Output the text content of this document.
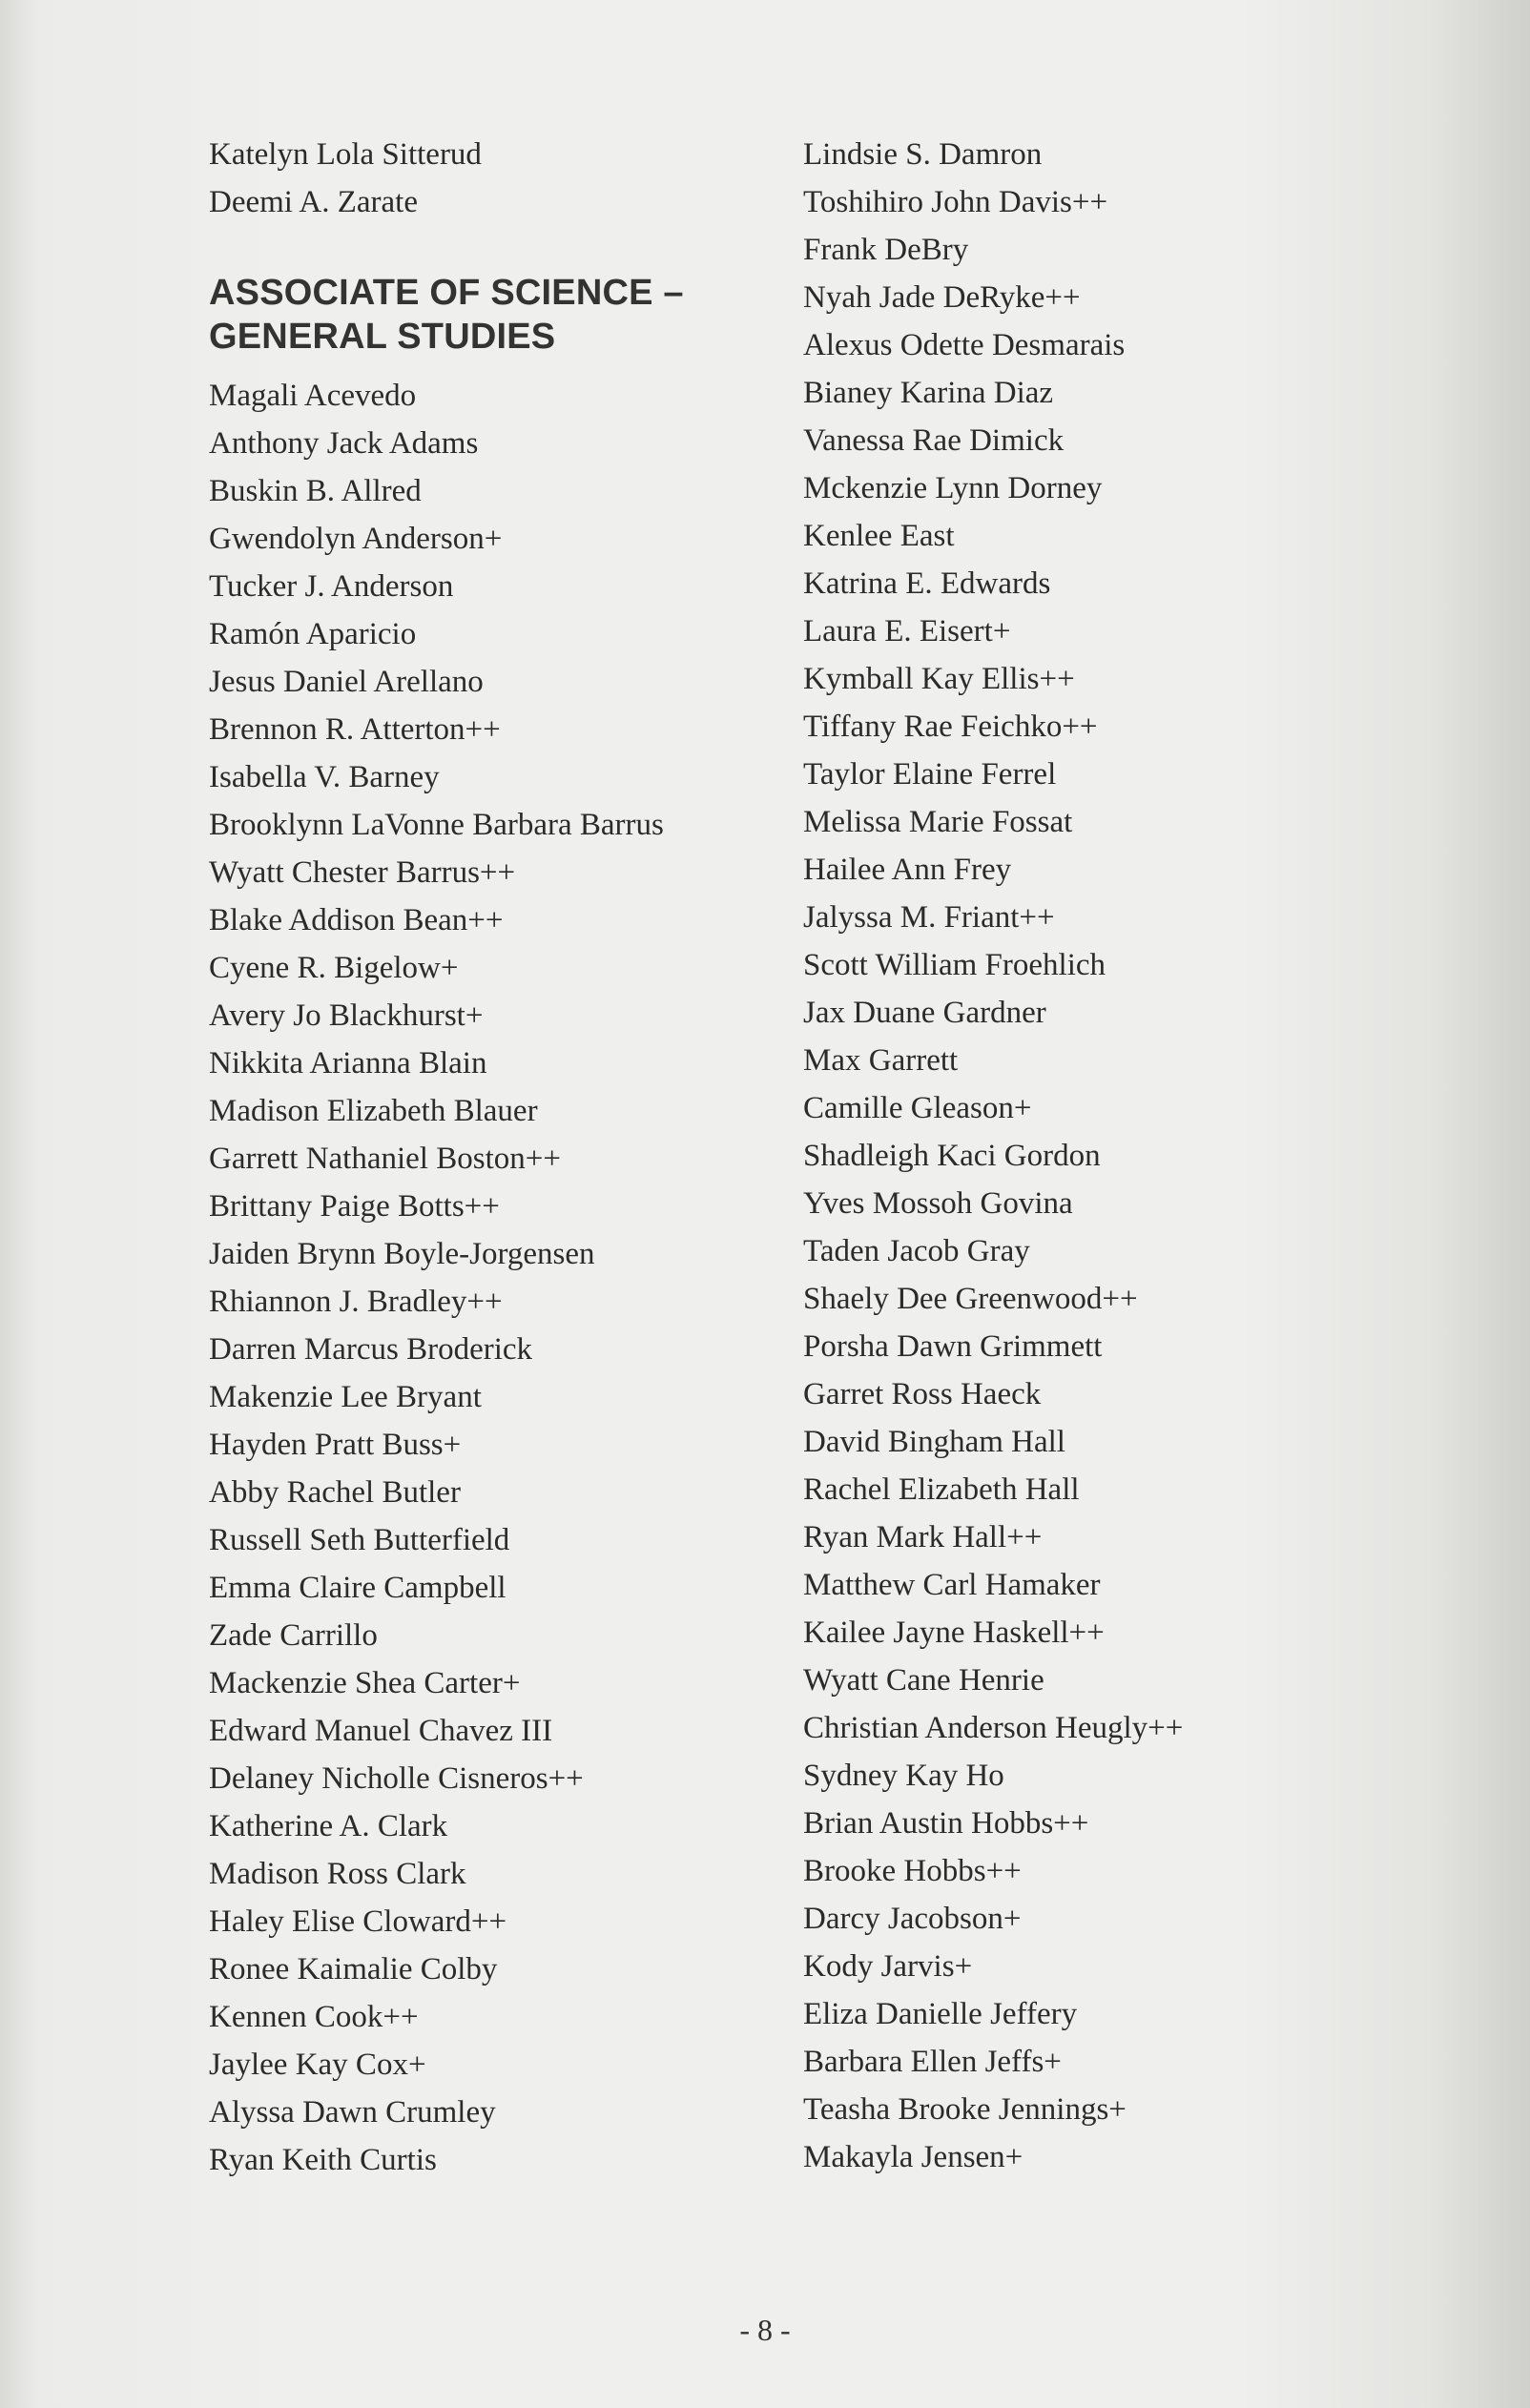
Katelyn Lola Sitterud
Deemi A. Zarate
ASSOCIATE OF SCIENCE –
GENERAL STUDIES
Magali Acevedo
Anthony Jack Adams
Buskin B. Allred
Gwendolyn Anderson+
Tucker J. Anderson
Ramón Aparicio
Jesus Daniel Arellano
Brennon R. Atterton++
Isabella V. Barney
Brooklynn LaVonne Barbara Barrus
Wyatt Chester Barrus++
Blake Addison Bean++
Cyene R. Bigelow+
Avery Jo Blackhurst+
Nikkita Arianna Blain
Madison Elizabeth Blauer
Garrett Nathaniel Boston++
Brittany Paige Botts++
Jaiden Brynn Boyle-Jorgensen
Rhiannon J. Bradley++
Darren Marcus Broderick
Makenzie Lee Bryant
Hayden Pratt Buss+
Abby Rachel Butler
Russell Seth Butterfield
Emma Claire Campbell
Zade Carrillo
Mackenzie Shea Carter+
Edward Manuel Chavez III
Delaney Nicholle Cisneros++
Katherine A. Clark
Madison Ross Clark
Haley Elise Cloward++
Ronee Kaimalie Colby
Kennen Cook++
Jaylee Kay Cox+
Alyssa Dawn Crumley
Ryan Keith Curtis
Lindsie S. Damron
Toshihiro John Davis++
Frank DeBry
Nyah Jade DeRyke++
Alexus Odette Desmarais
Bianey Karina Diaz
Vanessa Rae Dimick
Mckenzie Lynn Dorney
Kenlee East
Katrina E. Edwards
Laura E. Eisert+
Kymball Kay Ellis++
Tiffany Rae Feichko++
Taylor Elaine Ferrel
Melissa Marie Fossat
Hailee Ann Frey
Jalyssa M. Friant++
Scott William Froehlich
Jax Duane Gardner
Max Garrett
Camille Gleason+
Shadleigh Kaci Gordon
Yves Mossoh Govina
Taden Jacob Gray
Shaely Dee Greenwood++
Porsha Dawn Grimmett
Garret Ross Haeck
David Bingham Hall
Rachel Elizabeth Hall
Ryan Mark Hall++
Matthew Carl Hamaker
Kailee Jayne Haskell++
Wyatt Cane Henrie
Christian Anderson Heugly++
Sydney Kay Ho
Brian Austin Hobbs++
Brooke Hobbs++
Darcy Jacobson+
Kody Jarvis+
Eliza Danielle Jeffery
Barbara Ellen Jeffs+
Teasha Brooke Jennings+
Makayla Jensen+
- 8 -
